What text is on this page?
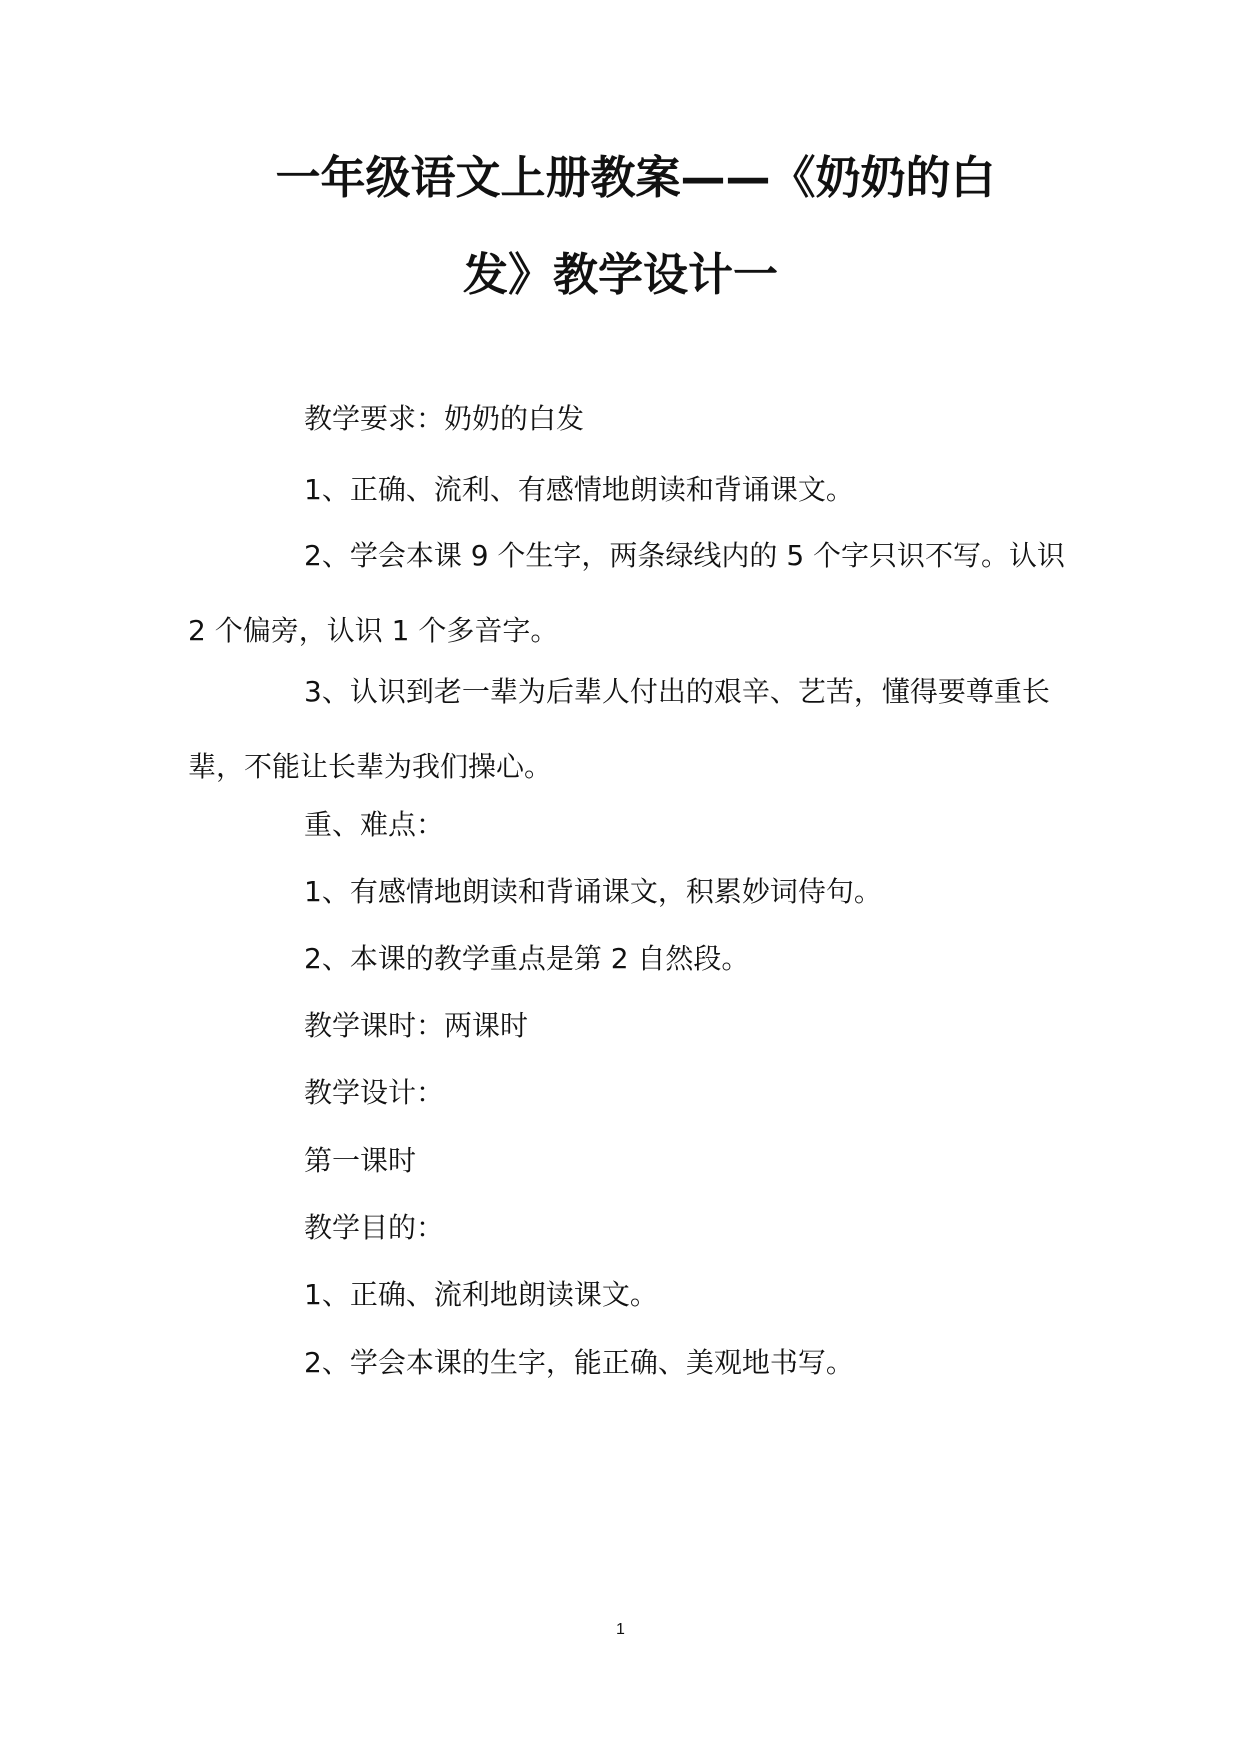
一年级语文上册教案——《奶奶的白
发》教学设计一
教学要求：奶奶的白发
1、正确、流利、有感情地朗读和背诵课文。
2、学会本课 9 个生字，两条绿线内的 5 个字只识不写。认识 2 个偏旁，认识 1 个多音字。
3、认识到老一辈为后辈人付出的艰辛、艺苦，懂得要尊重长辈，不能让长辈为我们操心。
重、难点：
1、有感情地朗读和背诵课文，积累妙词侍句。
2、本课的教学重点是第 2 自然段。
教学课时：两课时
教学设计：
第一课时
教学目的：
1、正确、流利地朗读课文。
2、学会本课的生字，能正确、美观地书写。
1
